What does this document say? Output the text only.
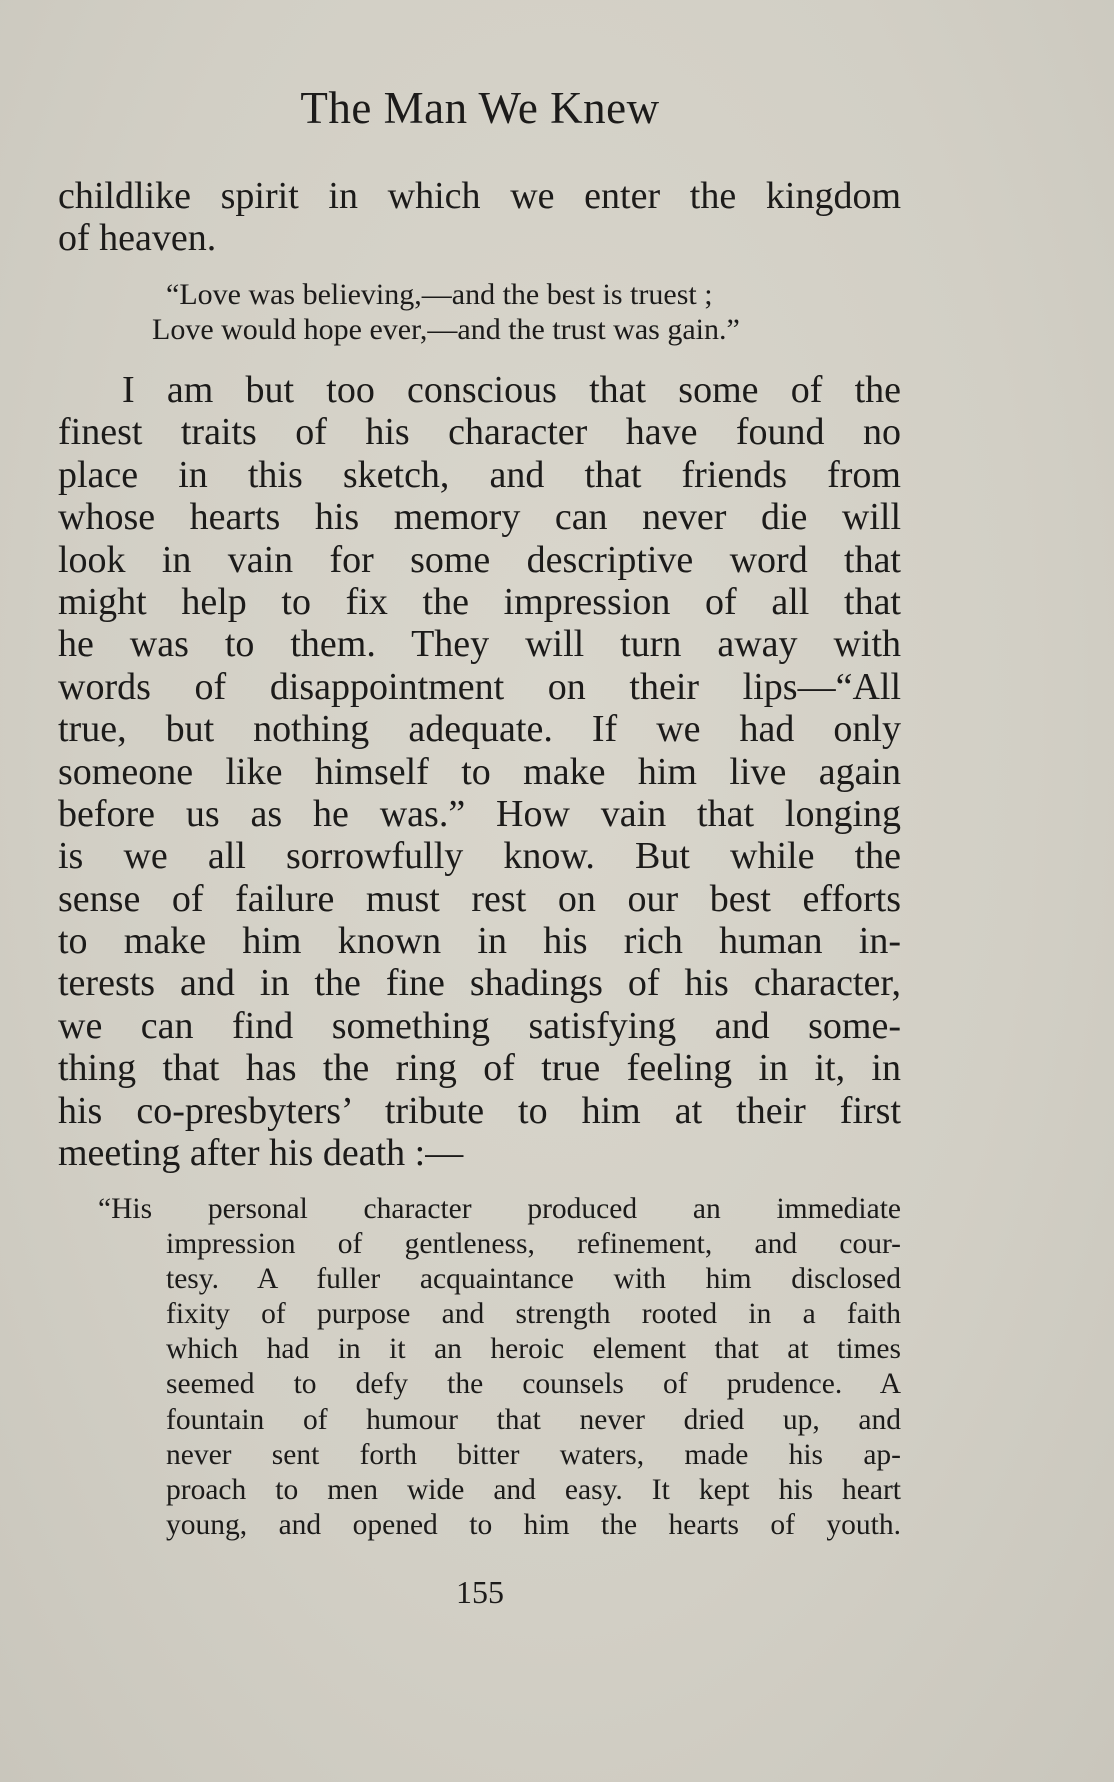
The Man We Knew
childlike spirit in which we enter the kingdom
of heaven.
“Love was believing,—and the best is truest ;
Love would hope ever,—and the trust was gain.”
I am but too conscious that some of the
finest traits of his character have found no
place in this sketch, and that friends from
whose hearts his memory can never die will
look in vain for some descriptive word that
might help to fix the impression of all that
he was to them. They will turn away with
words of disappointment on their lips—“All
true, but nothing adequate. If we had only
someone like himself to make him live again
before us as he was.” How vain that longing
is we all sorrowfully know. But while the
sense of failure must rest on our best efforts
to make him known in his rich human in-
terests and in the fine shadings of his character,
we can find something satisfying and some-
thing that has the ring of true feeling in it, in
his co-presbyters’ tribute to him at their first
meeting after his death :—
“His personal character produced an immediate
impression of gentleness, refinement, and cour-
tesy. A fuller acquaintance with him disclosed
fixity of purpose and strength rooted in a faith
which had in it an heroic element that at times
seemed to defy the counsels of prudence. A
fountain of humour that never dried up, and
never sent forth bitter waters, made his ap-
proach to men wide and easy. It kept his heart
young, and opened to him the hearts of youth.
155
